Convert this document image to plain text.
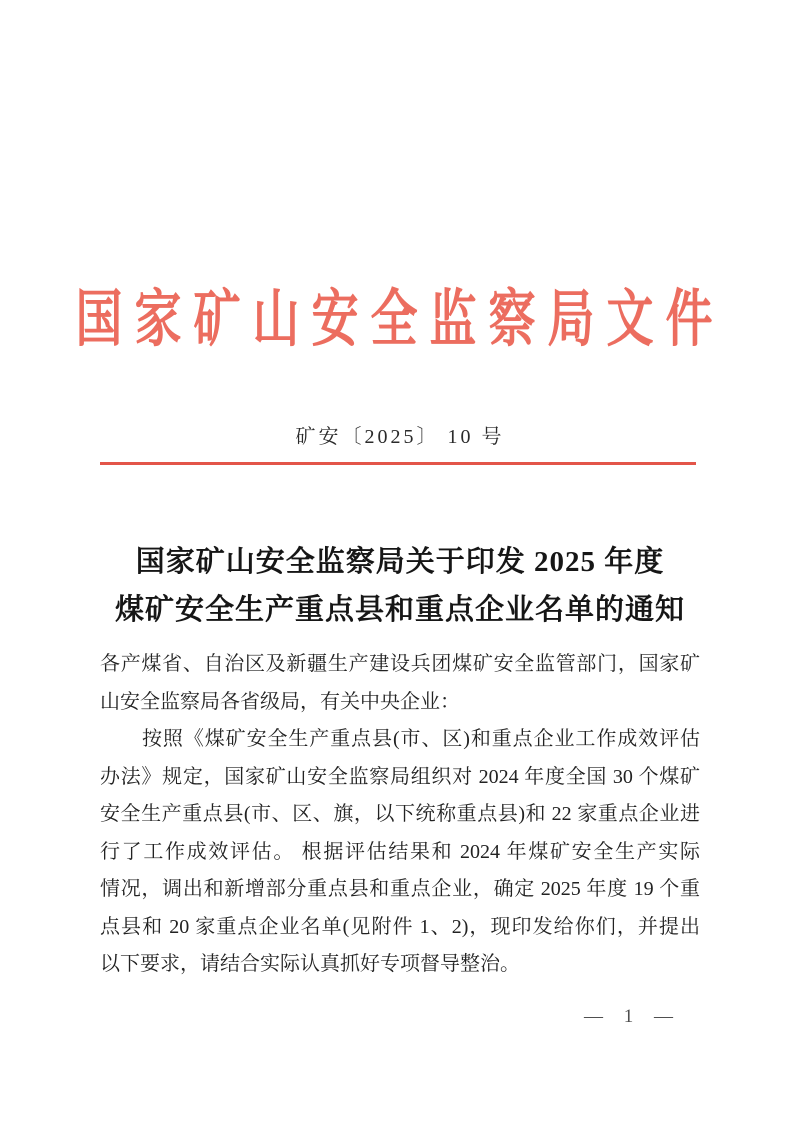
国家矿山安全监察局文件
矿安〔2025〕 10 号
国家矿山安全监察局关于印发 2025 年度
煤矿安全生产重点县和重点企业名单的通知
各产煤省、自治区及新疆生产建设兵团煤矿安全监管部门，国家矿
山安全监察局各省级局，有关中央企业：
按照《煤矿安全生产重点县(市、区)和重点企业工作成效评估
办法》规定，国家矿山安全监察局组织对 2024 年度全国 30 个煤矿
安全生产重点县(市、区、旗，以下统称重点县)和 22 家重点企业进
行了工作成效评估。 根据评估结果和 2024 年煤矿安全生产实际
情况，调出和新增部分重点县和重点企业，确定 2025 年度 19 个重
点县和 20 家重点企业名单(见附件 1、2)，现印发给你们，并提出
以下要求，请结合实际认真抓好专项督导整治。
— 1 —
